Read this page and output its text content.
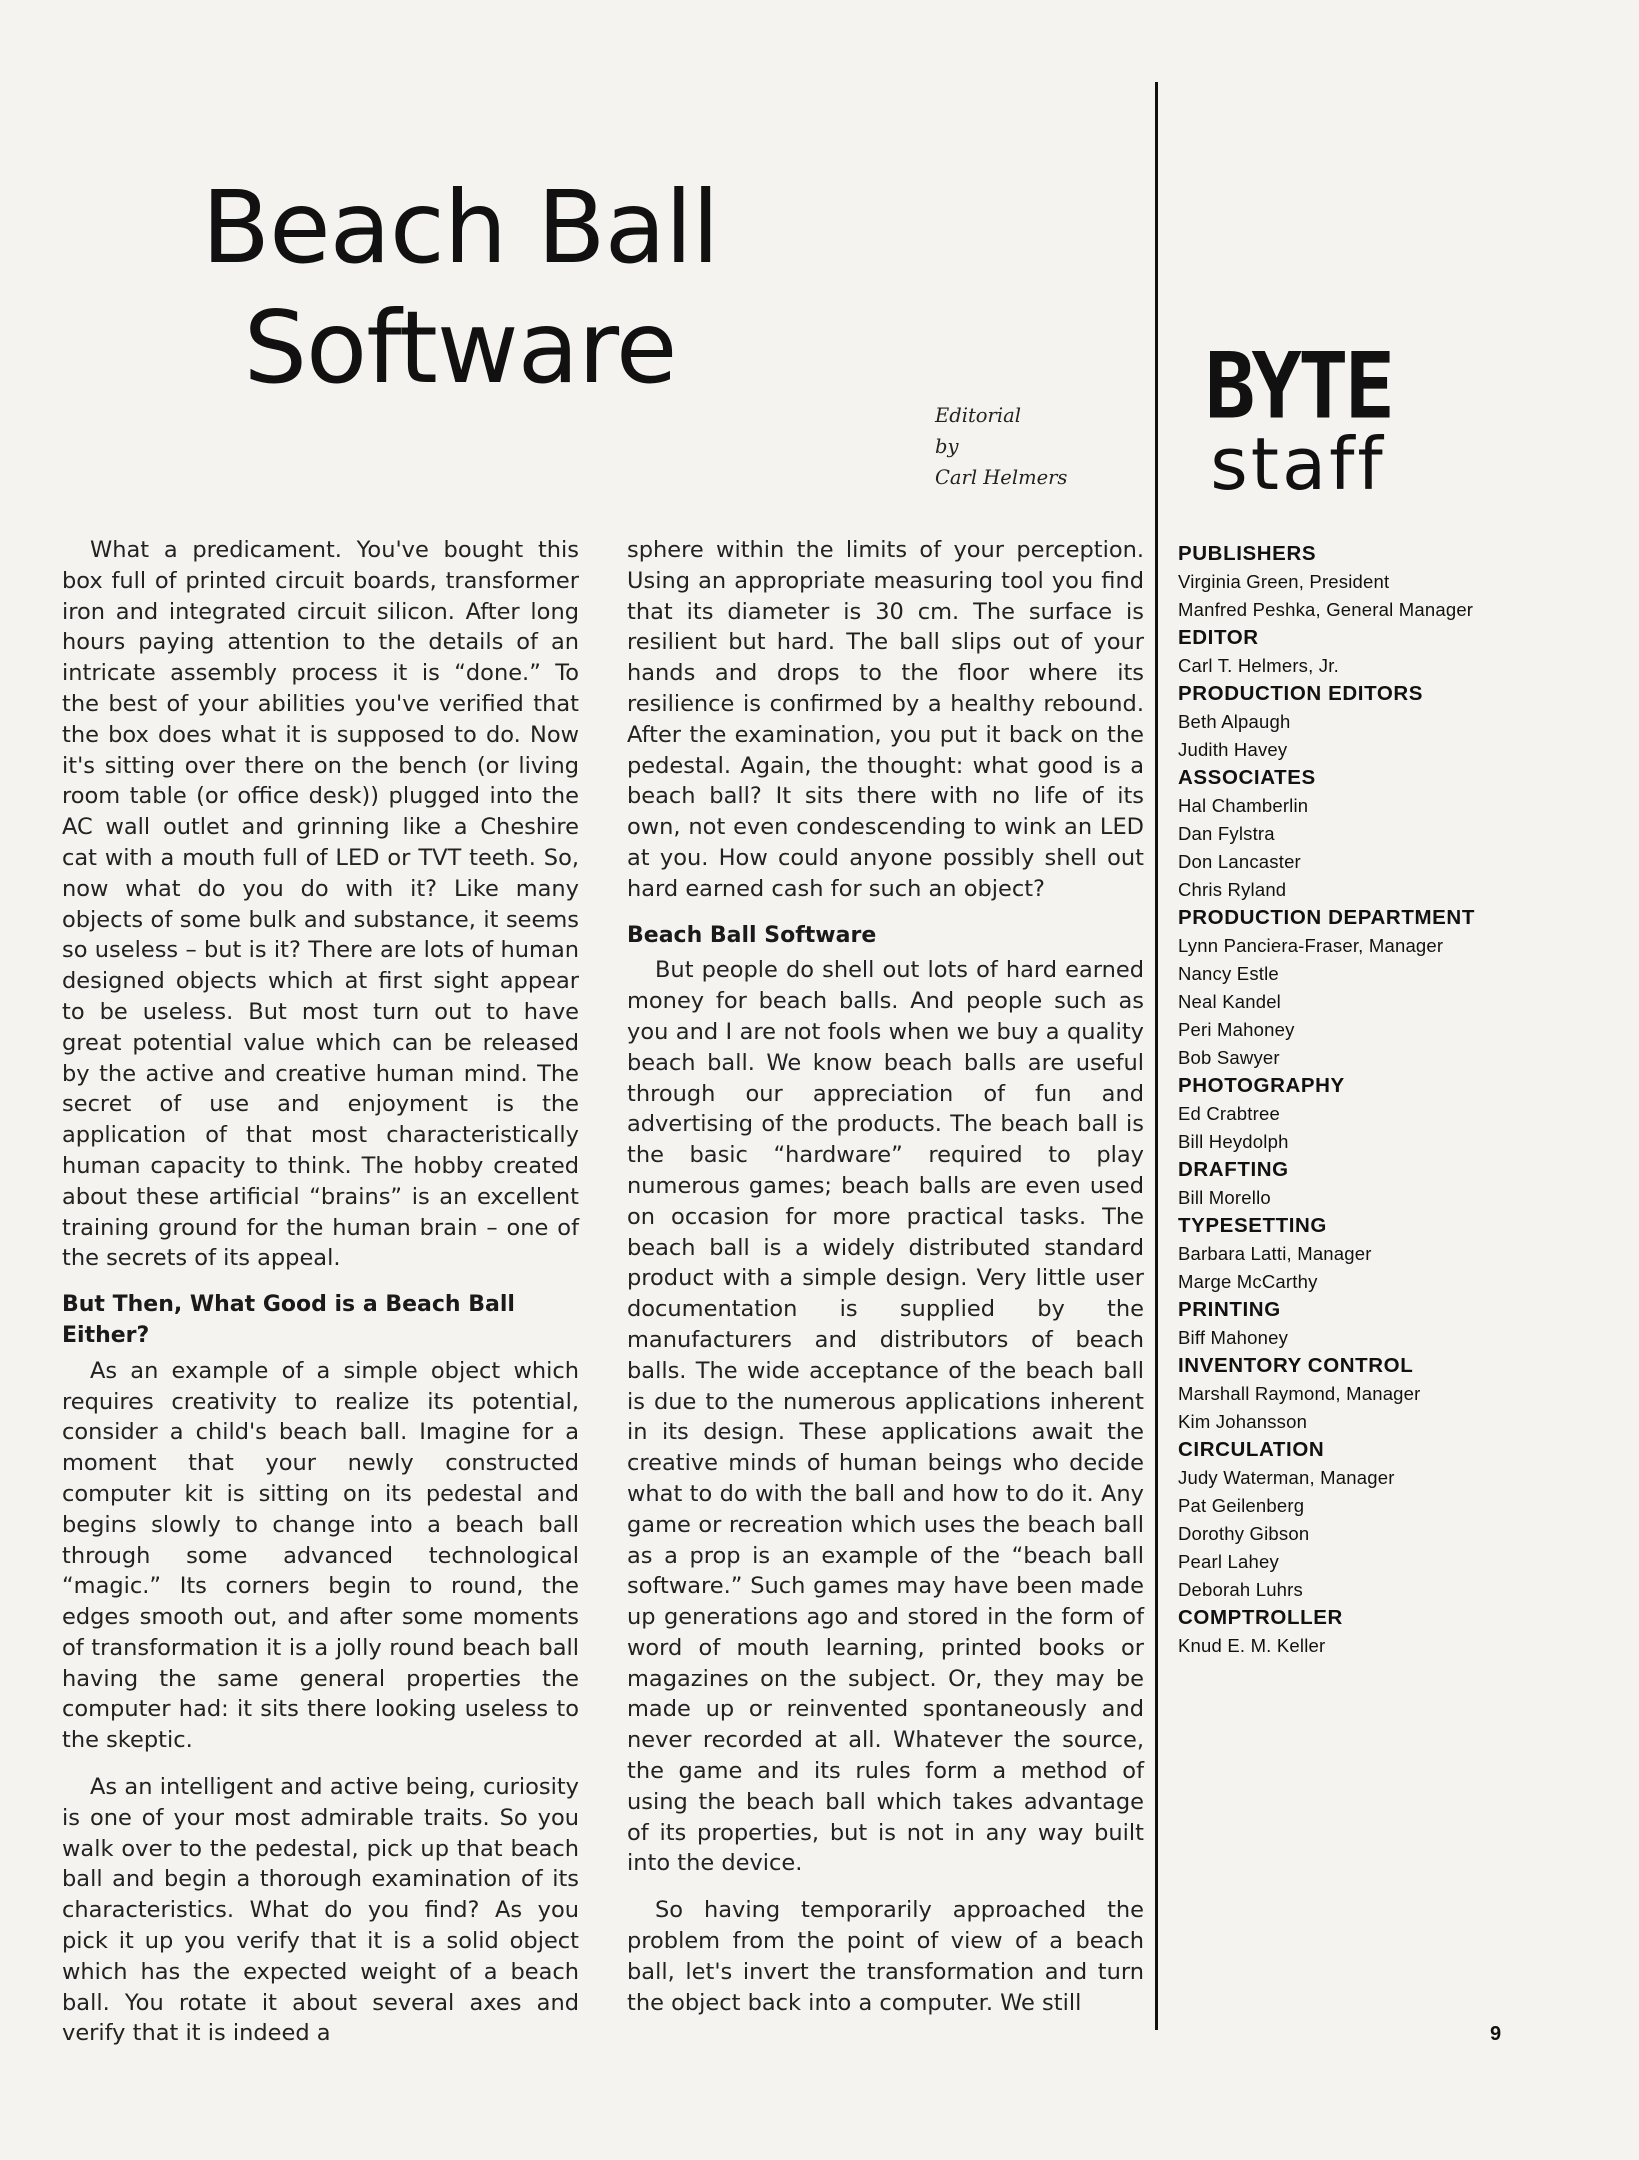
Beach Ball
Software
Editorial
by
Carl Helmers
BYTE
staff

What a predicament. You've bought this box full of printed circuit boards, transformer iron and integrated circuit silicon. After long hours paying attention to the details of an intricate assembly process it is “done.” To the best of your abilities you've verified that the box does what it is supposed to do. Now it's sitting over there on the bench (or living room table (or office desk)) plugged into the AC wall outlet and grinning like a Cheshire cat with a mouth full of LED or TVT teeth. So, now what do you do with it? Like many objects of some bulk and substance, it seems so useless – but is it? There are lots of human designed objects which at first sight appear to be useless. But most turn out to have great potential value which can be released by the active and creative human mind. The secret of use and enjoyment is the application of that most characteristically human capacity to think. The hobby created about these artificial “brains” is an excellent training ground for the human brain – one of the secrets of its appeal.

But Then, What Good is a Beach Ball Either?

As an example of a simple object which requires creativity to realize its potential, consider a child's beach ball. Imagine for a moment that your newly constructed computer kit is sitting on its pedestal and begins slowly to change into a beach ball through some advanced technological “magic.” Its corners begin to round, the edges smooth out, and after some moments of transformation it is a jolly round beach ball having the same general properties the computer had: it sits there looking useless to the skeptic.

As an intelligent and active being, curiosity is one of your most admirable traits. So you walk over to the pedestal, pick up that beach ball and begin a thorough examination of its characteristics. What do you find? As you pick it up you verify that it is a solid object which has the expected weight of a beach ball. You rotate it about several axes and verify that it is indeed a

sphere within the limits of your perception. Using an appropriate measuring tool you find that its diameter is 30 cm. The surface is resilient but hard. The ball slips out of your hands and drops to the floor where its resilience is confirmed by a healthy rebound. After the examination, you put it back on the pedestal. Again, the thought: what good is a beach ball? It sits there with no life of its own, not even condescending to wink an LED at you. How could anyone possibly shell out hard earned cash for such an object?

Beach Ball Software

But people do shell out lots of hard earned money for beach balls. And people such as you and I are not fools when we buy a quality beach ball. We know beach balls are useful through our appreciation of fun and advertising of the products. The beach ball is the basic “hardware” required to play numerous games; beach balls are even used on occasion for more practical tasks. The beach ball is a widely distributed standard product with a simple design. Very little user documentation is supplied by the manufacturers and distributors of beach balls. The wide acceptance of the beach ball is due to the numerous applications inherent in its design. These applications await the creative minds of human beings who decide what to do with the ball and how to do it. Any game or recreation which uses the beach ball as a prop is an example of the “beach ball software.” Such games may have been made up generations ago and stored in the form of word of mouth learning, printed books or magazines on the subject. Or, they may be made up or reinvented spontaneously and never recorded at all. Whatever the source, the game and its rules form a method of using the beach ball which takes advantage of its properties, but is not in any way built into the device.

So having temporarily approached the problem from the point of view of a beach ball, let's invert the transformation and turn the object back into a computer. We still

PUBLISHERS
Virginia Green, President
Manfred Peshka, General Manager
EDITOR
Carl T. Helmers, Jr.
PRODUCTION EDITORS
Beth Alpaugh
Judith Havey
ASSOCIATES
Hal Chamberlin
Dan Fylstra
Don Lancaster
Chris Ryland
PRODUCTION DEPARTMENT
Lynn Panciera-Fraser, Manager
Nancy Estle
Neal Kandel
Peri Mahoney
Bob Sawyer
PHOTOGRAPHY
Ed Crabtree
Bill Heydolph
DRAFTING
Bill Morello
TYPESETTING
Barbara Latti, Manager
Marge McCarthy
PRINTING
Biff Mahoney
INVENTORY CONTROL
Marshall Raymond, Manager
Kim Johansson
CIRCULATION
Judy Waterman, Manager
Pat Geilenberg
Dorothy Gibson
Pearl Lahey
Deborah Luhrs
COMPTROLLER
Knud E. M. Keller
9
